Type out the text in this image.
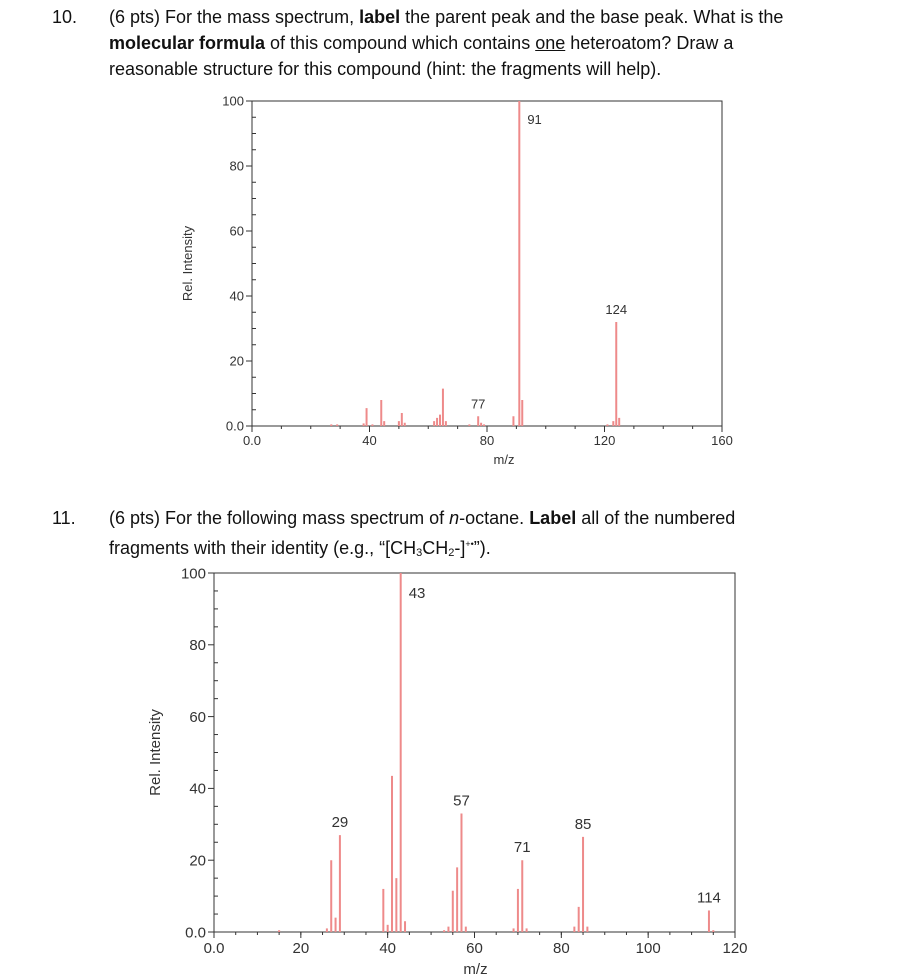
10. (6 pts) For the mass spectrum, label the parent peak and the base peak. What is the

molecular formula of this compound which contains one heteroatom? Draw a

reasonable structure for this compound (hint: the fragments will help).

0.0
20
40
60
80
100
0.0	40	80	120	160
77
91
124
m/z
Rel. Intensity
11. (6 pts) For the following mass spectrum of n-octane. Label all of the numbered

fragments with their identity (e.g., “$[CH_3CH_2-]^{+•}$”).

0.0
20
40
60
80
100
0.0	20	40	60	80	100	120
29
43
57
71
85
114
m/z
Rel. Intensity
